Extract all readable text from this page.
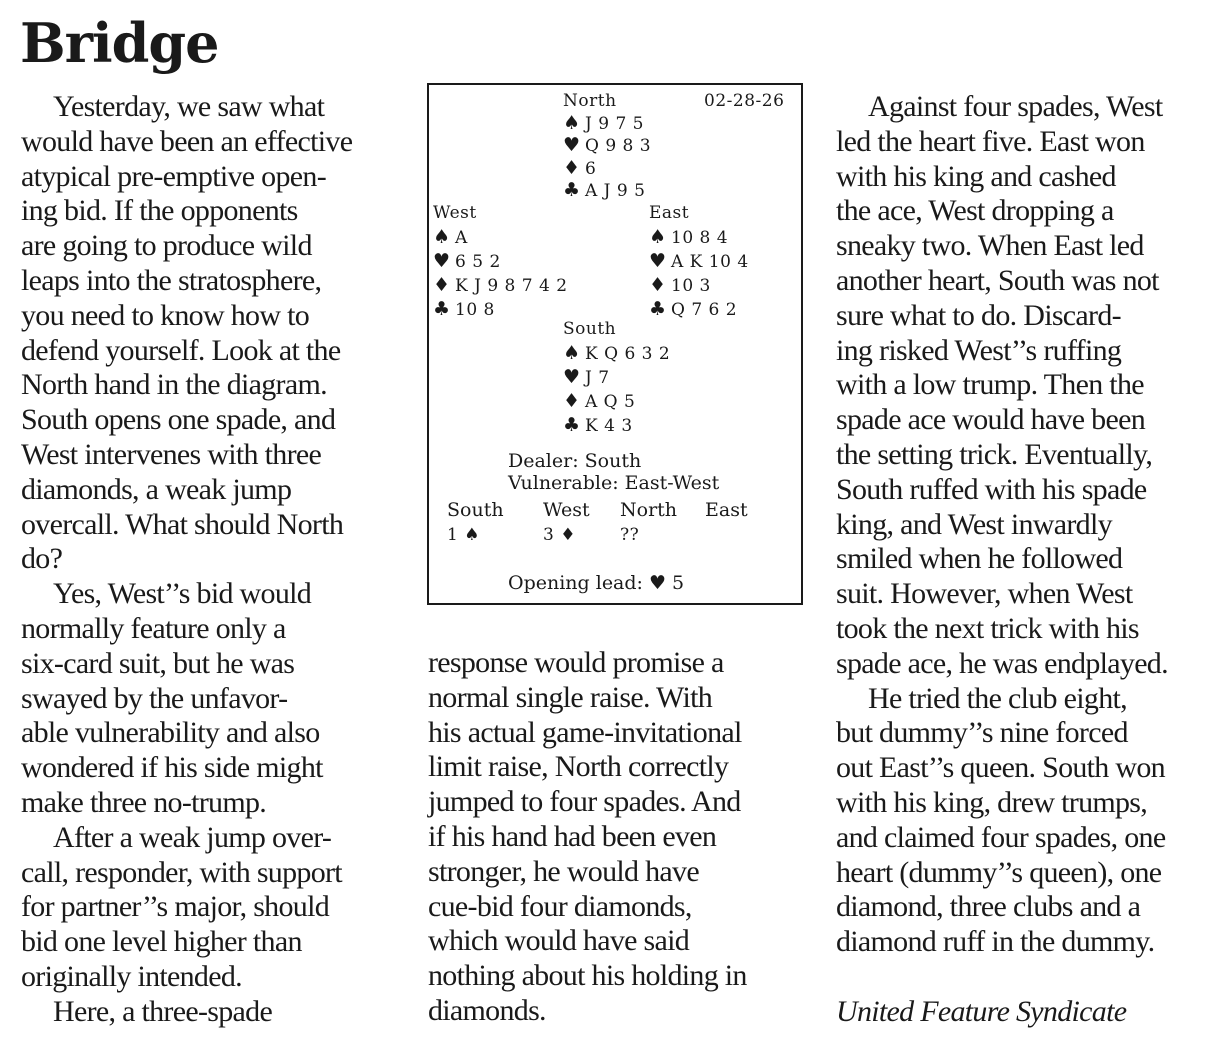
Bridge
Yesterday, we saw what
would have been an effective
atypical pre-emptive open-
ing bid. If the opponents
are going to produce wild
leaps into the stratosphere,
you need to know how to
defend yourself. Look at the
North hand in the diagram.
South opens one spade, and
West intervenes with three
diamonds, a weak jump
overcall. What should North
do?
Yes, West’’s bid would
normally feature only a
six-card suit, but he was
swayed by the unfavor-
able vulnerability and also
wondered if his side might
make three no-trump.
After a weak jump over-
call, responder, with support
for partner’’s major, should
bid one level higher than
originally intended.
Here, a three-spade
North	02-28-26
♠ J 9 7 5
♥ Q 9 8 3
♦ 6
♣ A J 9 5
West
♠ A
♥ 6 5 2
♦ K J 9 8 7 4 2
♣ 10 8
East
♠ 10 8 4
♥ A K 10 4
♦ 10 3
♣ Q 7 6 2
South
♠ K Q 6 3 2
♥ J 7
♦ A Q 5
♣ K 4 3
Dealer: South
Vulnerable: East-West
South West North East
1 ♠	3 ♦	??
Opening lead: ♥ 5
response would promise a
normal single raise. With
his actual game-invitational
limit raise, North correctly
jumped to four spades. And
if his hand had been even
stronger, he would have
cue-bid four diamonds,
which would have said
nothing about his holding in
diamonds.
Against four spades, West
led the heart five. East won
with his king and cashed
the ace, West dropping a
sneaky two. When East led
another heart, South was not
sure what to do. Discard-
ing risked West’’s ruffing
with a low trump. Then the
spade ace would have been
the setting trick. Eventually,
South ruffed with his spade
king, and West inwardly
smiled when he followed
suit. However, when West
took the next trick with his
spade ace, he was endplayed.
He tried the club eight,
but dummy’’s nine forced
out East’’s queen. South won
with his king, drew trumps,
and claimed four spades, one
heart (dummy’’s queen), one
diamond, three clubs and a
diamond ruff in the dummy.
United Feature Syndicate
